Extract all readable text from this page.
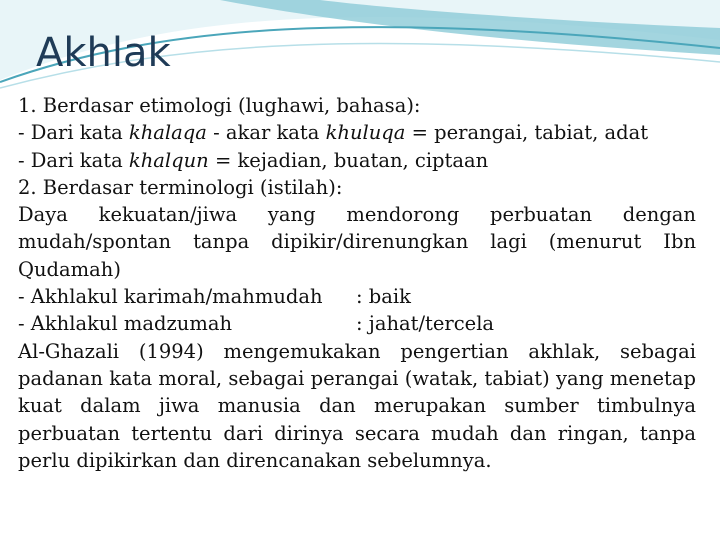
Akhlak

1. Berdasar etimologi (lughawi, bahasa):

- Dari kata khalaqa - akar kata khuluqa = perangai, tabiat, adat

- Dari kata khalqun = kejadian, buatan, ciptaan

2. Berdasar terminologi (istilah):

Daya kekuatan/jiwa yang mendorong perbuatan dengan mudah/spontan tanpa dipikir/direnungkan lagi (menurut Ibn Qudamah)

- Akhlakul karimah/mahmudah : baik

- Akhlakul madzumah	: jahat/tercela

Al-Ghazali (1994) mengemukakan pengertian akhlak, sebagai padanan kata moral, sebagai perangai (watak, tabiat) yang menetap kuat dalam jiwa manusia dan merupakan sumber timbulnya perbuatan tertentu dari dirinya secara mudah dan ringan, tanpa perlu dipikirkan dan direncanakan sebelumnya.
